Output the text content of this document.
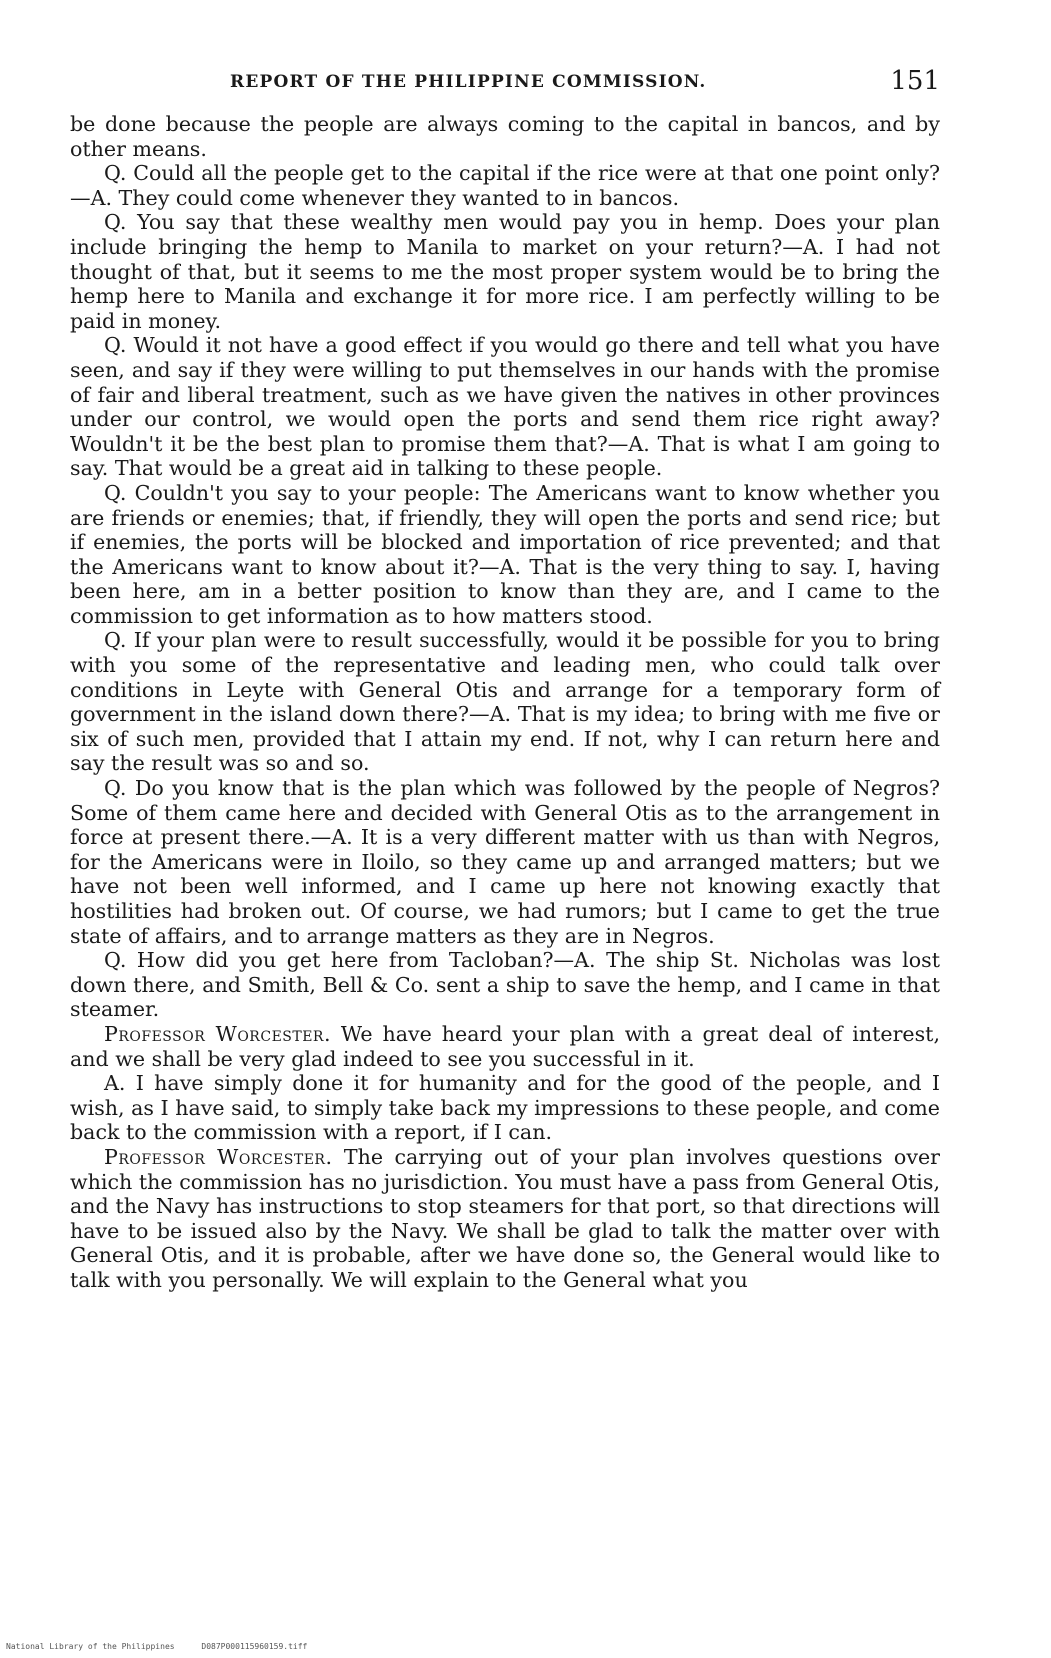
REPORT OF THE PHILIPPINE COMMISSION.	151

be done because the people are always coming to the capital in bancos, and by other means.

Q. Could all the people get to the capital if the rice were at that one point only?—A. They could come whenever they wanted to in bancos.

Q. You say that these wealthy men would pay you in hemp. Does your plan include bringing the hemp to Manila to market on your return?—A. I had not thought of that, but it seems to me the most proper system would be to bring the hemp here to Manila and exchange it for more rice. I am perfectly willing to be paid in money.

Q. Would it not have a good effect if you would go there and tell what you have seen, and say if they were willing to put themselves in our hands with the promise of fair and liberal treatment, such as we have given the natives in other provinces under our control, we would open the ports and send them rice right away? Wouldn't it be the best plan to promise them that?—A. That is what I am going to say. That would be a great aid in talking to these people.

Q. Couldn't you say to your people: The Americans want to know whether you are friends or enemies; that, if friendly, they will open the ports and send rice; but if enemies, the ports will be blocked and importation of rice prevented; and that the Americans want to know about it?—A. That is the very thing to say. I, having been here, am in a better position to know than they are, and I came to the commission to get information as to how matters stood.

Q. If your plan were to result successfully, would it be possible for you to bring with you some of the representative and leading men, who could talk over conditions in Leyte with General Otis and arrange for a temporary form of government in the island down there?—A. That is my idea; to bring with me five or six of such men, provided that I attain my end. If not, why I can return here and say the result was so and so.

Q. Do you know that is the plan which was followed by the people of Negros? Some of them came here and decided with General Otis as to the arrangement in force at present there.—A. It is a very different matter with us than with Negros, for the Americans were in Iloilo, so they came up and arranged matters; but we have not been well informed, and I came up here not knowing exactly that hostilities had broken out. Of course, we had rumors; but I came to get the true state of affairs, and to arrange matters as they are in Negros.

Q. How did you get here from Tacloban?—A. The ship St. Nicholas was lost down there, and Smith, Bell & Co. sent a ship to save the hemp, and I came in that steamer.

Professor Worcester. We have heard your plan with a great deal of interest, and we shall be very glad indeed to see you successful in it.

A. I have simply done it for humanity and for the good of the people, and I wish, as I have said, to simply take back my impressions to these people, and come back to the commission with a report, if I can.

Professor Worcester. The carrying out of your plan involves questions over which the commission has no jurisdiction. You must have a pass from General Otis, and the Navy has instructions to stop steamers for that port, so that directions will have to be issued also by the Navy. We shall be glad to talk the matter over with General Otis, and it is probable, after we have done so, the General would like to talk with you personally. We will explain to the General what you

National Library of the Philippines	D087P000115960159.tiff
